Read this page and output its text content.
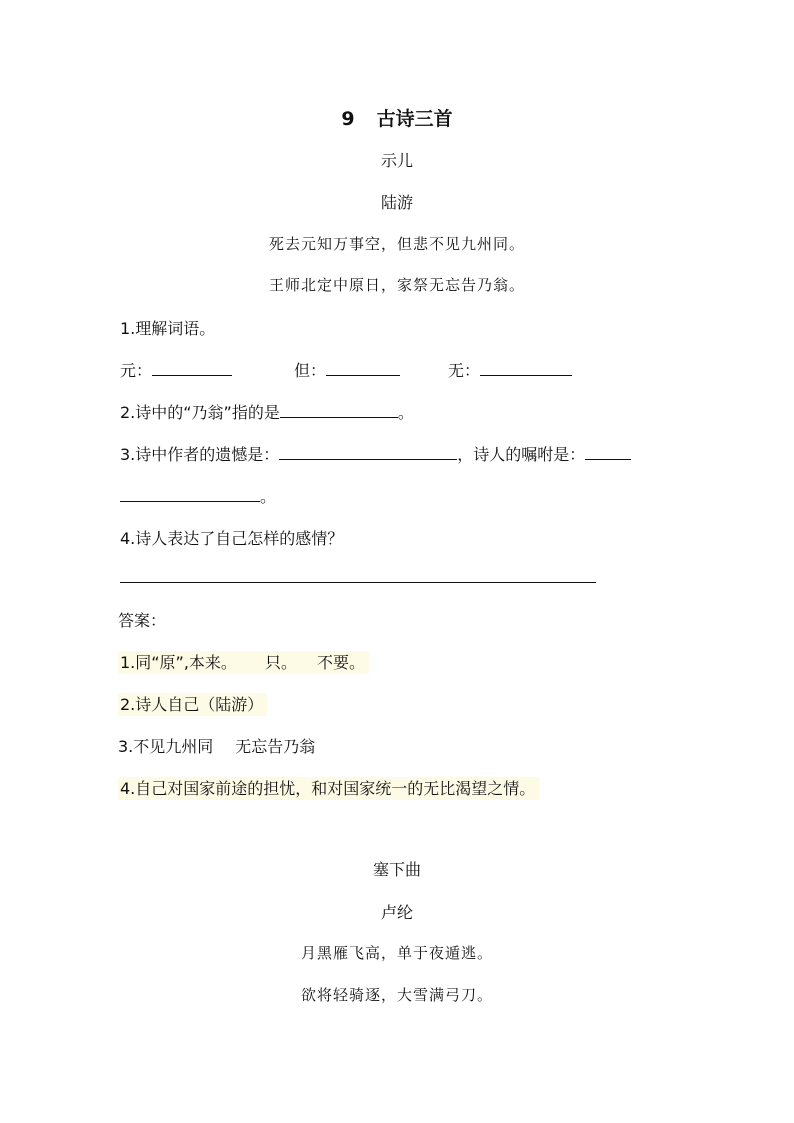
9 古诗三首
示儿
陆游
死去元知万事空，但悲不见九州同。
王师北定中原日，家祭无忘告乃翁。
1.理解词语。
元：	但：	无：
2.诗中的“乃翁”指的是	。
3.诗中作者的遗憾是：	，诗人的嘱咐是：
。
4.诗人表达了自己怎样的感情？
答案：
1.同“原”,本来。 只。 不要。
2.诗人自己（陆游）
3.不见九州同 无忘告乃翁
4.自己对国家前途的担忧，和对国家统一的无比渴望之情。
塞下曲
卢纶
月黑雁飞高，单于夜遁逃。
欲将轻骑逐，大雪满弓刀。
